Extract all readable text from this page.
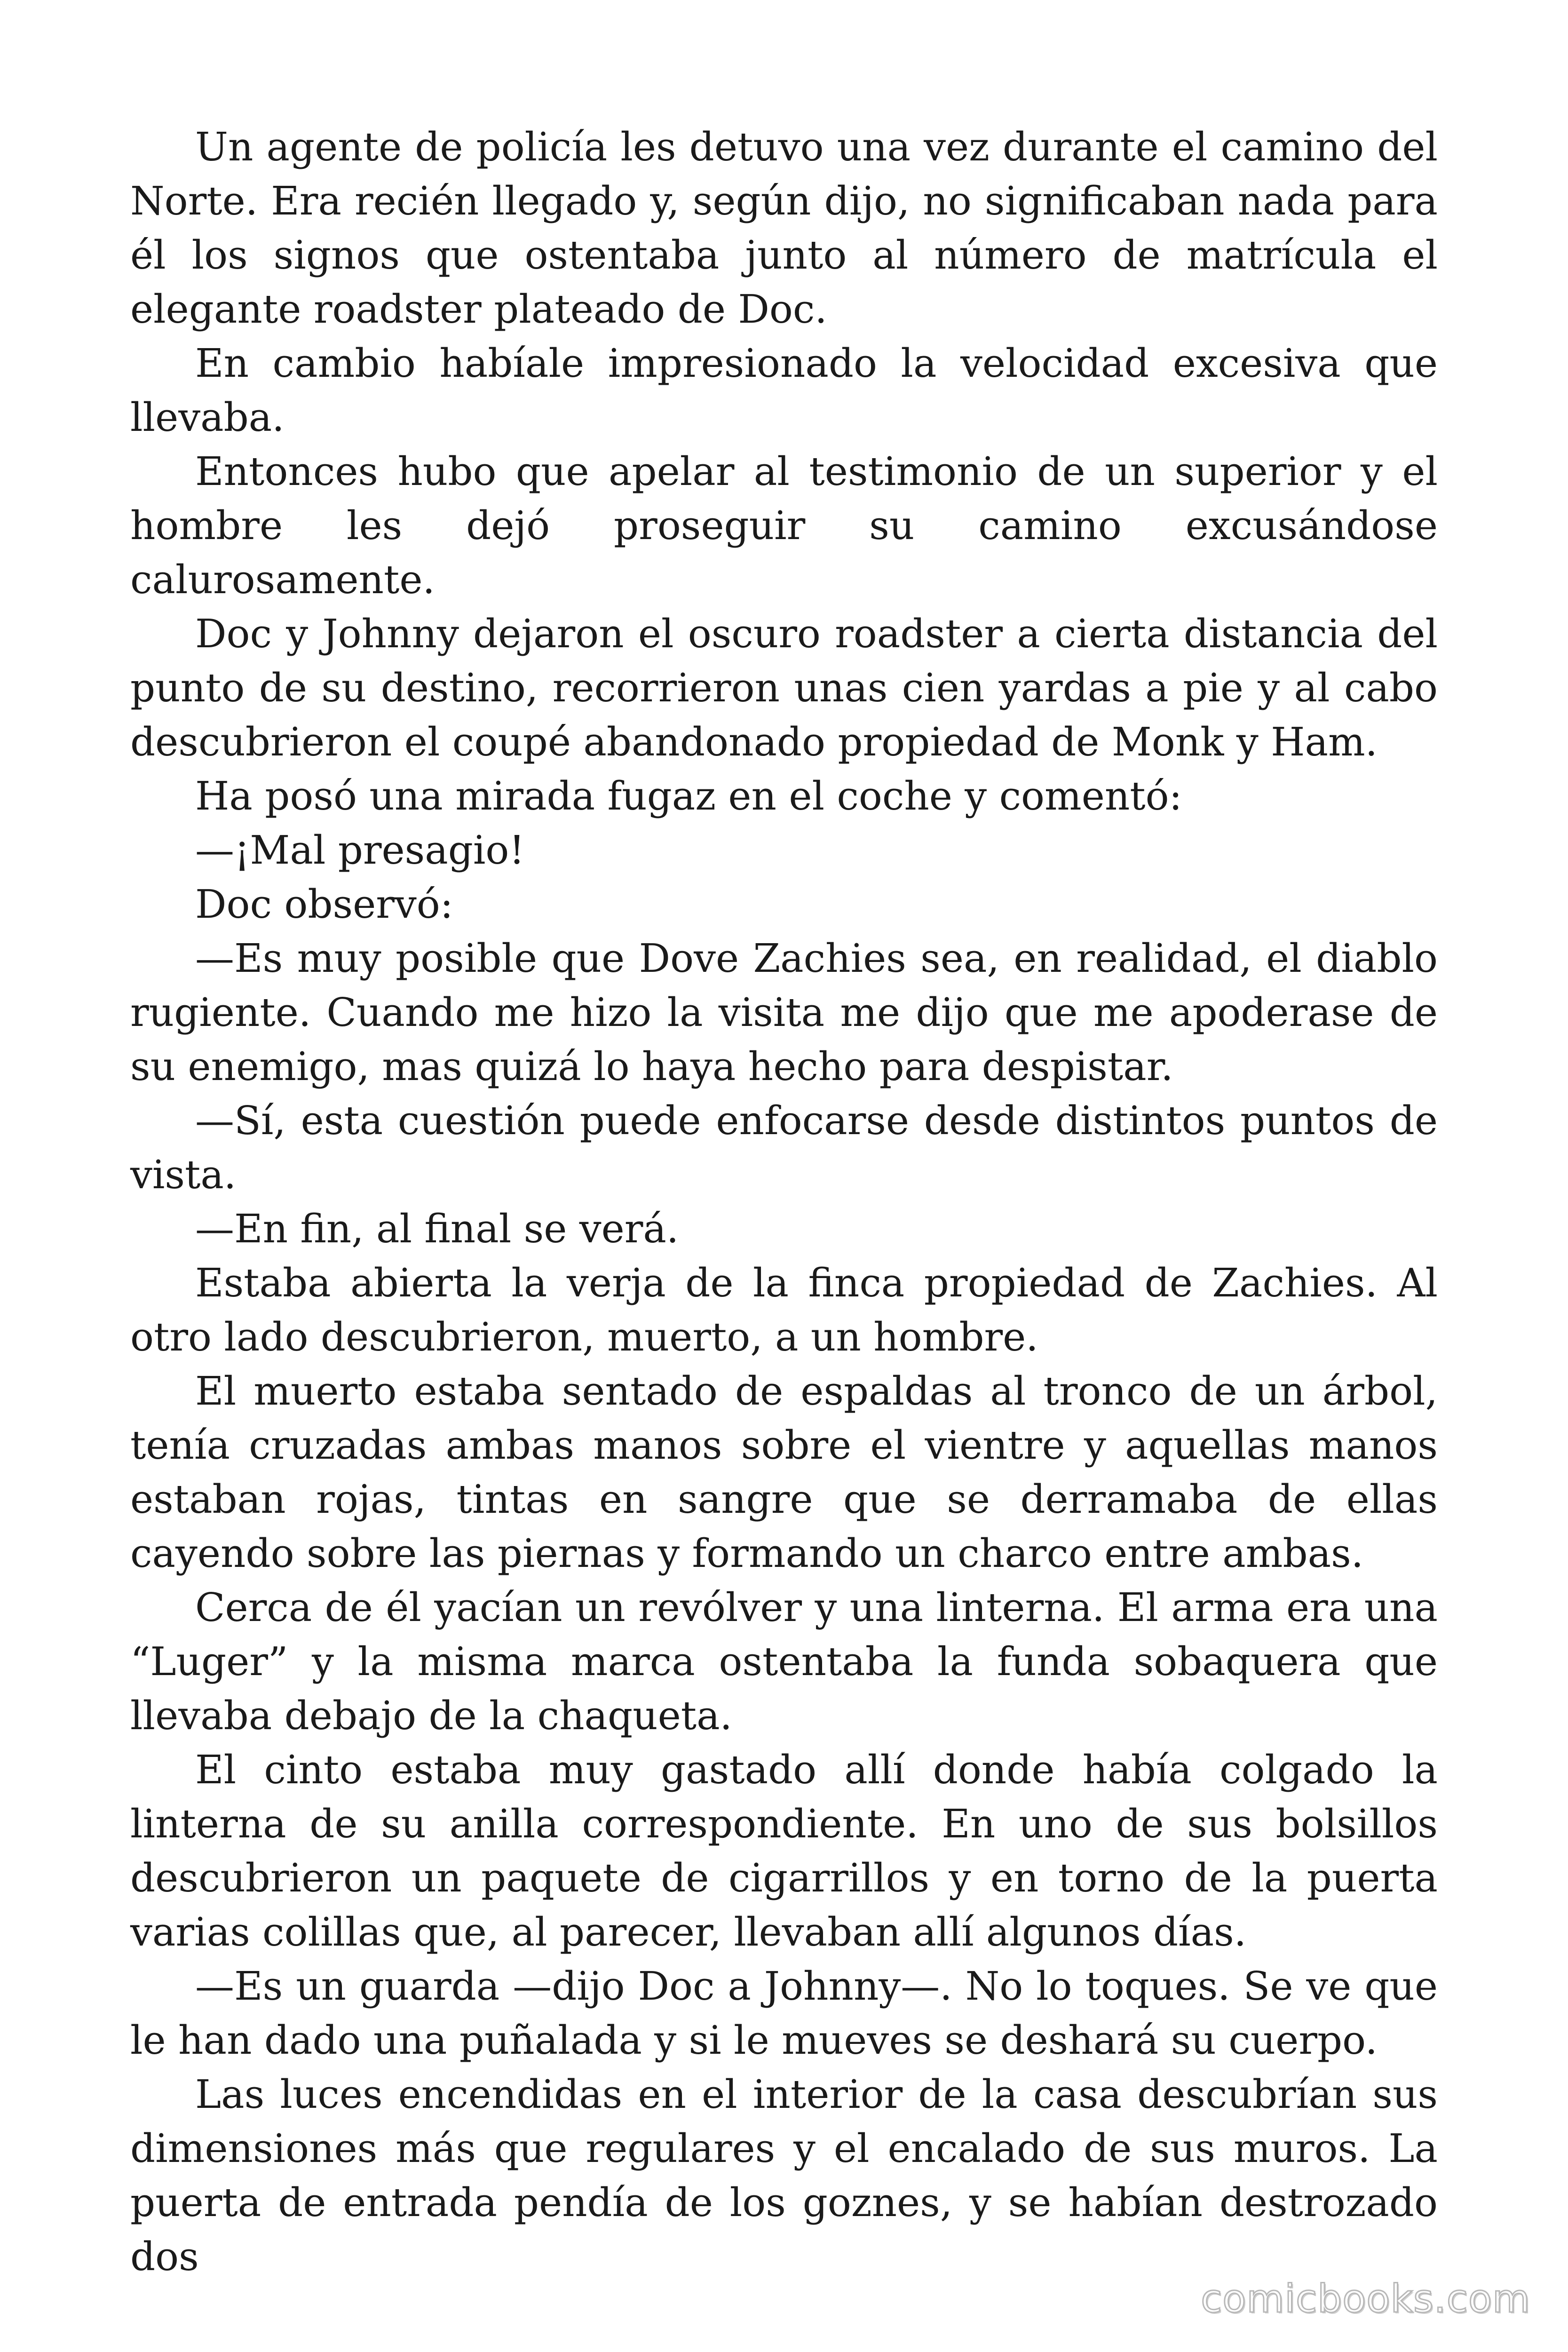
Un agente de policía les detuvo una vez durante el camino del Norte. Era recién llegado y, según dijo, no significaban nada para él los signos que ostentaba junto al número de matrícula el elegante roadster plateado de Doc.

En cambio habíale impresionado la velocidad excesiva que llevaba.

Entonces hubo que apelar al testimonio de un superior y el hombre les dejó proseguir su camino excusándose calurosamente.

Doc y Johnny dejaron el oscuro roadster a cierta distancia del punto de su destino, recorrieron unas cien yardas a pie y al cabo descubrieron el coupé abandonado propiedad de Monk y Ham.

Ha posó una mirada fugaz en el coche y comentó:

—¡Mal presagio!

Doc observó:

—Es muy posible que Dove Zachies sea, en realidad, el diablo rugiente. Cuando me hizo la visita me dijo que me apoderase de su enemigo, mas quizá lo haya hecho para despistar.

—Sí, esta cuestión puede enfocarse desde distintos puntos de vista.

—En fin, al final se verá.

Estaba abierta la verja de la finca propiedad de Zachies. Al otro lado descubrieron, muerto, a un hombre.

El muerto estaba sentado de espaldas al tronco de un árbol, tenía cruzadas ambas manos sobre el vientre y aquellas manos estaban rojas, tintas en sangre que se derramaba de ellas cayendo sobre las piernas y formando un charco entre ambas.

Cerca de él yacían un revólver y una linterna. El arma era una “Luger” y la misma marca ostentaba la funda sobaquera que llevaba debajo de la chaqueta.

El cinto estaba muy gastado allí donde había colgado la linterna de su anilla correspondiente. En uno de sus bolsillos descubrieron un paquete de cigarrillos y en torno de la puerta varias colillas que, al parecer, llevaban allí algunos días.

—Es un guarda —dijo Doc a Johnny—. No lo toques. Se ve que le han dado una puñalada y si le mueves se deshará su cuerpo.

Las luces encendidas en el interior de la casa descubrían sus dimensiones más que regulares y el encalado de sus muros. La puerta de entrada pendía de los goznes, y se habían destrozado dos

comicbooks.com
